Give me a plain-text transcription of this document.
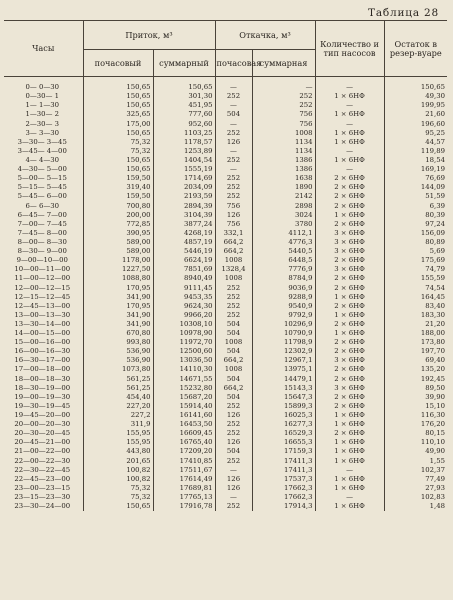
Таблица 28
Часы	Приток, м³		Откачка, м³		Количество и тип насосов	Остаток в резер-вуаре
	почасовый	суммарный	почасовая	суммарная		

0— 0—30	150,65	150,65	—	—	—	150,65
0—30— 1	150,65	301,30	252	252	1 × 6НФ	49,30
1— 1—30	150,65	451,95	—	252	—	199,95
1—30— 2	325,65	777,60	504	756	1 × 6НФ	21,60
2—30— 3	175,00	952,60	—	756	—	196,60
3— 3—30	150,65	1103,25	252	1008	1 × 6НФ	95,25
3—30— 3—45	75,32	1178,57	126	1134	1 × 6НФ	44,57
3—45— 4—00	75,32	1253,89	—	1134	—	119,89
4— 4—30	150,65	1404,54	252	1386	1 × 6НФ	18,54
4—30— 5—00	150,65	1555,19	—	1386	—	169,19
5—00— 5—15	159,50	1714,69	252	1638	2 × 6НФ	76,69
5—15— 5—45	319,40	2034,09	252	1890	2 × 6НФ	144,09
5—45— 6—00	159,50	2193,59	252	2142	2 × 6НФ	51,59
6— 6—30	700,80	2894,39	756	2898	2 × 6НФ	6,39
6—45— 7—00	200,00	3104,39	126	3024	1 × 6НФ	80,39
7—00— 7—45	772,85	3877,24	756	3780	2 × 6НФ	97,24
7—45— 8—00	390,95	4268,19	332,1	4112,1	3 × 6НФ	156,09
8—00— 8—30	589,00	4857,19	664,2	4776,3	3 × 6НФ	80,89
8—30— 9—00	589,00	5446,19	664,2	5440,5	3 × 6НФ	5,69
9—00—10—00	1178,00	6624,19	1008	6448,5	2 × 6НФ	175,69
10—00—11—00	1227,50	7851,69	1328,4	7776,9	3 × 6НФ	74,79
11—00—12—00	1088,80	8940,49	1008	8784,9	2 × 6НФ	155,59
12—00—12—15	170,95	9111,45	252	9036,9	2 × 6НФ	74,54
12—15—12—45	341,90	9453,35	252	9288,9	1 × 6НФ	164,45
12—45—13—00	170,95	9624,30	252	9540,9	2 × 6НФ	83,40
13—00—13—30	341,90	9966,20	252	9792,9	1 × 6НФ	183,30
13—30—14—00	341,90	10308,10	504	10296,9	2 × 6НФ	21,20
14—00—15—00	670,80	10978,90	504	10790,9	1 × 6НФ	188,00
15—00—16—00	993,80	11972,70	1008	11798,9	2 × 6НФ	173,80
16—00—16—30	536,90	12500,60	504	12302,9	2 × 6НФ	197,70
16—30—17—00	536,90	13036,50	664,2	12967,1	3 × 6НФ	69,40
17—00—18—00	1073,80	14110,30	1008	13975,1	2 × 6НФ	135,20
18—00—18—30	561,25	14671,55	504	14479,1	2 × 6НФ	192,45
18—30—19—00	561,25	15232,80	664,2	15143,3	3 × 6НФ	89,50
19—00—19—30	454,40	15687,20	504	15647,3	2 × 6НФ	39,90
19—30—19—45	227,20	15914,40	252	15899,3	2 × 6НФ	15,10
19—45—20—00	227,2	16141,60	126	16025,3	1 × 6НФ	116,30
20—00—20—30	311,9	16453,50	252	16277,3	1 × 6НФ	176,20
20—30—20—45	155,95	16609,45	252	16529,3	2 × 6НФ	80,15
20—45—21—00	155,95	16765,40	126	16655,3	1 × 6НФ	110,10
21—00—22—00	443,80	17209,20	504	17159,3	1 × 6НФ	49,90
22—00—22—30	201,65	17410,85	252	17411,3	1 × 6НФ	1,55
22—30—22—45	100,82	17511,67	—	17411,3	—	102,37
22—45—23—00	100,82	17614,49	126	17537,3	1 × 6НФ	77,49
23—00—23—15	75,32	17689,81	126	17662,3	1 × 6НФ	27,93
23—15—23—30	75,32	17765,13	—	17662,3	—	102,83
23—30—24—00	150,65	17916,78	252	17914,3	1 × 6НФ	1,48
